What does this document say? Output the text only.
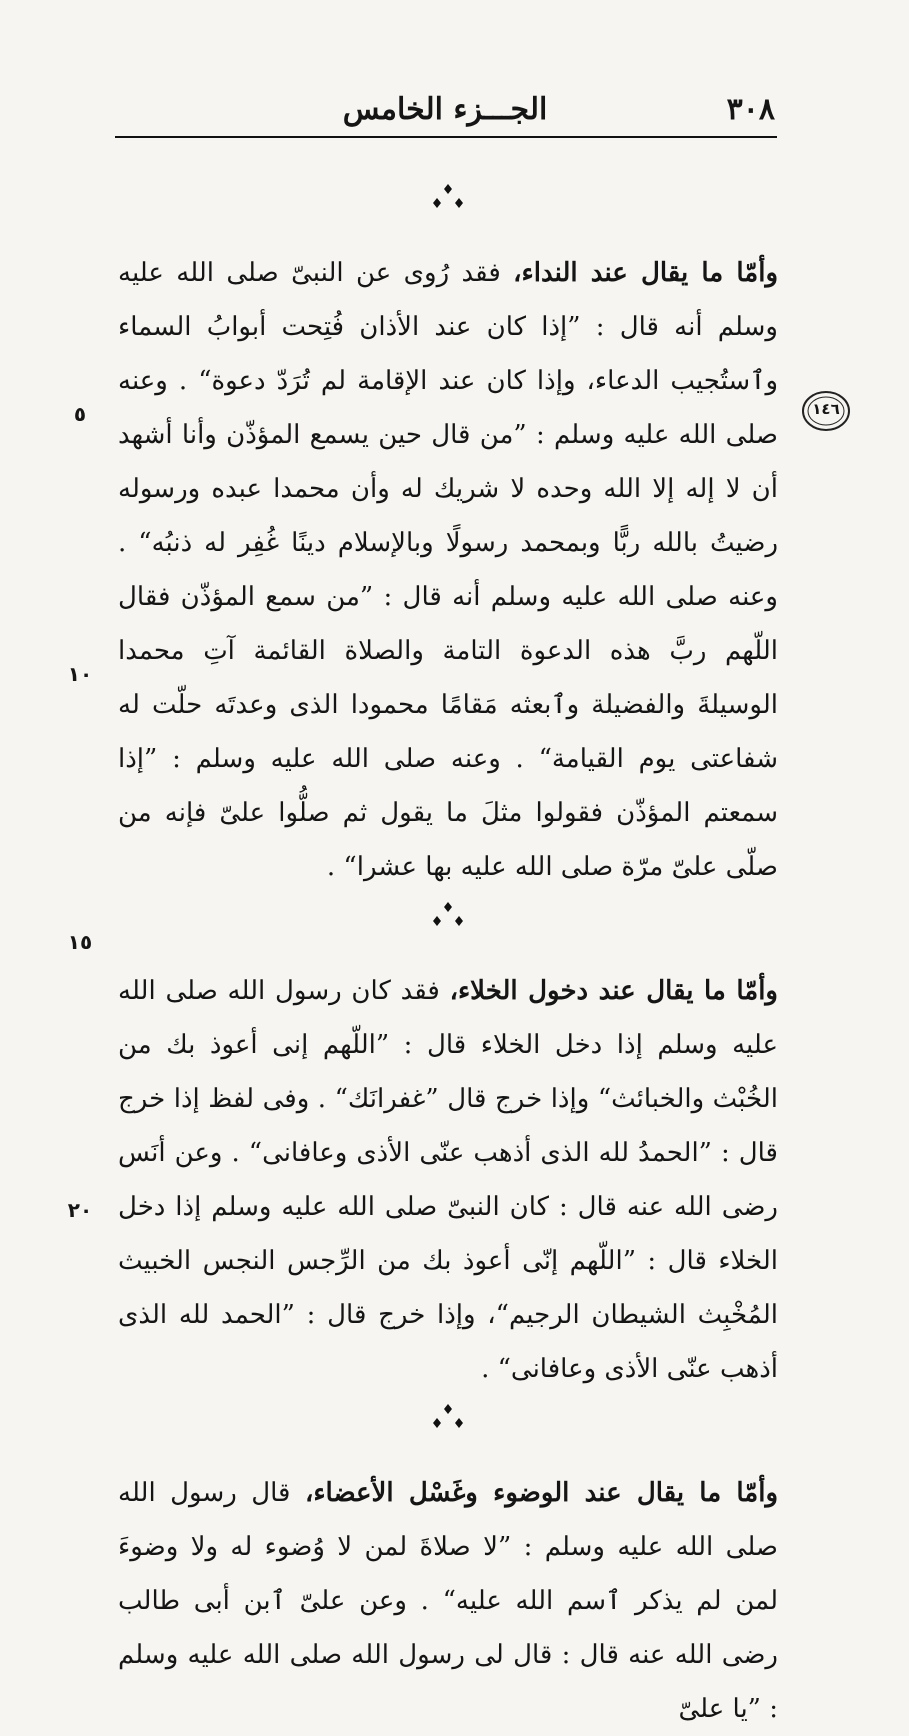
٣٠٨
الجـــزء الخامس
١٤٦
٥
١٠
١٥
٢٠

وأمّا ما يقال عند النداء، فقد رُوى عن النبىّ صلى الله عليه وسلم أنه قال : ”إذا كان عند الأذان فُتِحت أبوابُ السماء وٱستُجيب الدعاء، وإذا كان عند الإقامة لم تُرَدّ دعوة“ . وعنه صلى الله عليه وسلم : ”من قال حين يسمع المؤذّن وأنا أشهد أن لا إله إلا الله وحده لا شريك له وأن محمدا عبده ورسوله رضيتُ بالله ربًّا وبمحمد رسولًا وبالإسلام دينًا غُفِر له ذنبُه“ . وعنه صلى الله عليه وسلم أنه قال : ”من سمع المؤذّن فقال اللّهم ربَّ هذه الدعوة التامة والصلاة القائمة آتِ محمدا الوسيلةَ والفضيلة وٱبعثه مَقامًا محمودا الذى وعدتَه حلّت له شفاعتى يوم القيامة“ . وعنه صلى الله عليه وسلم : ”إذا سمعتم المؤذّن فقولوا مثلَ ما يقول ثم صلُّوا علىّ فإنه من صلّى علىّ مرّة صلى الله عليه بها عشرا“ .

وأمّا ما يقال عند دخول الخلاء، فقد كان رسول الله صلى الله عليه وسلم إذا دخل الخلاء قال : ”اللّهم إنى أعوذ بك من الخُبْث والخبائث“ وإذا خرج قال ”غفرانَك“ . وفى لفظ إذا خرج قال : ”الحمدُ لله الذى أذهب عنّى الأذى وعافانى“ . وعن أنَس رضى الله عنه قال : كان النبىّ صلى الله عليه وسلم إذا دخل الخلاء قال : ”اللّهم إنّى أعوذ بك من الرِّجس النجس الخبيث المُخْبِث الشيطان الرجيم“، وإذا خرج قال : ”الحمد لله الذى أذهب عنّى الأذى وعافانى“ .

وأمّا ما يقال عند الوضوء وغَسْل الأعضاء، قال رسول الله صلى الله عليه وسلم : ”لا صلاةَ لمن لا وُضوء له ولا وضوءَ لمن لم يذكر ٱسم الله عليه“ . وعن علىّ ٱبن أبى طالب رضى الله عنه قال : قال لى رسول الله صلى الله عليه وسلم : ”يا علىّ
